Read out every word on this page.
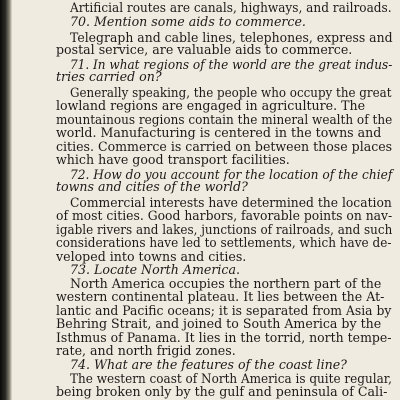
Artificial routes are canals, highways, and railroads.
70. Mention some aids to commerce.
Telegraph and cable lines, telephones, express and
postal service, are valuable aids to commerce.
71. In what regions of the world are the great indus-
tries carried on?
Generally speaking, the people who occupy the great
lowland regions are engaged in agriculture. The
mountainous regions contain the mineral wealth of the
world. Manufacturing is centered in the towns and
cities. Commerce is carried on between those places
which have good transport facilities.
72. How do you account for the location of the chief
towns and cities of the world?
Commercial interests have determined the location
of most cities. Good harbors, favorable points on nav-
igable rivers and lakes, junctions of railroads, and such
considerations have led to settlements, which have de-
veloped into towns and cities.
73. Locate North America.
North America occupies the northern part of the
western continental plateau. It lies between the At-
lantic and Pacific oceans; it is separated from Asia by
Behring Strait, and joined to South America by the
Isthmus of Panama. It lies in the torrid, north tempe-
rate, and north frigid zones.
74. What are the features of the coast line?
The western coast of North America is quite regular,
being broken only by the gulf and peninsula of Cali-
